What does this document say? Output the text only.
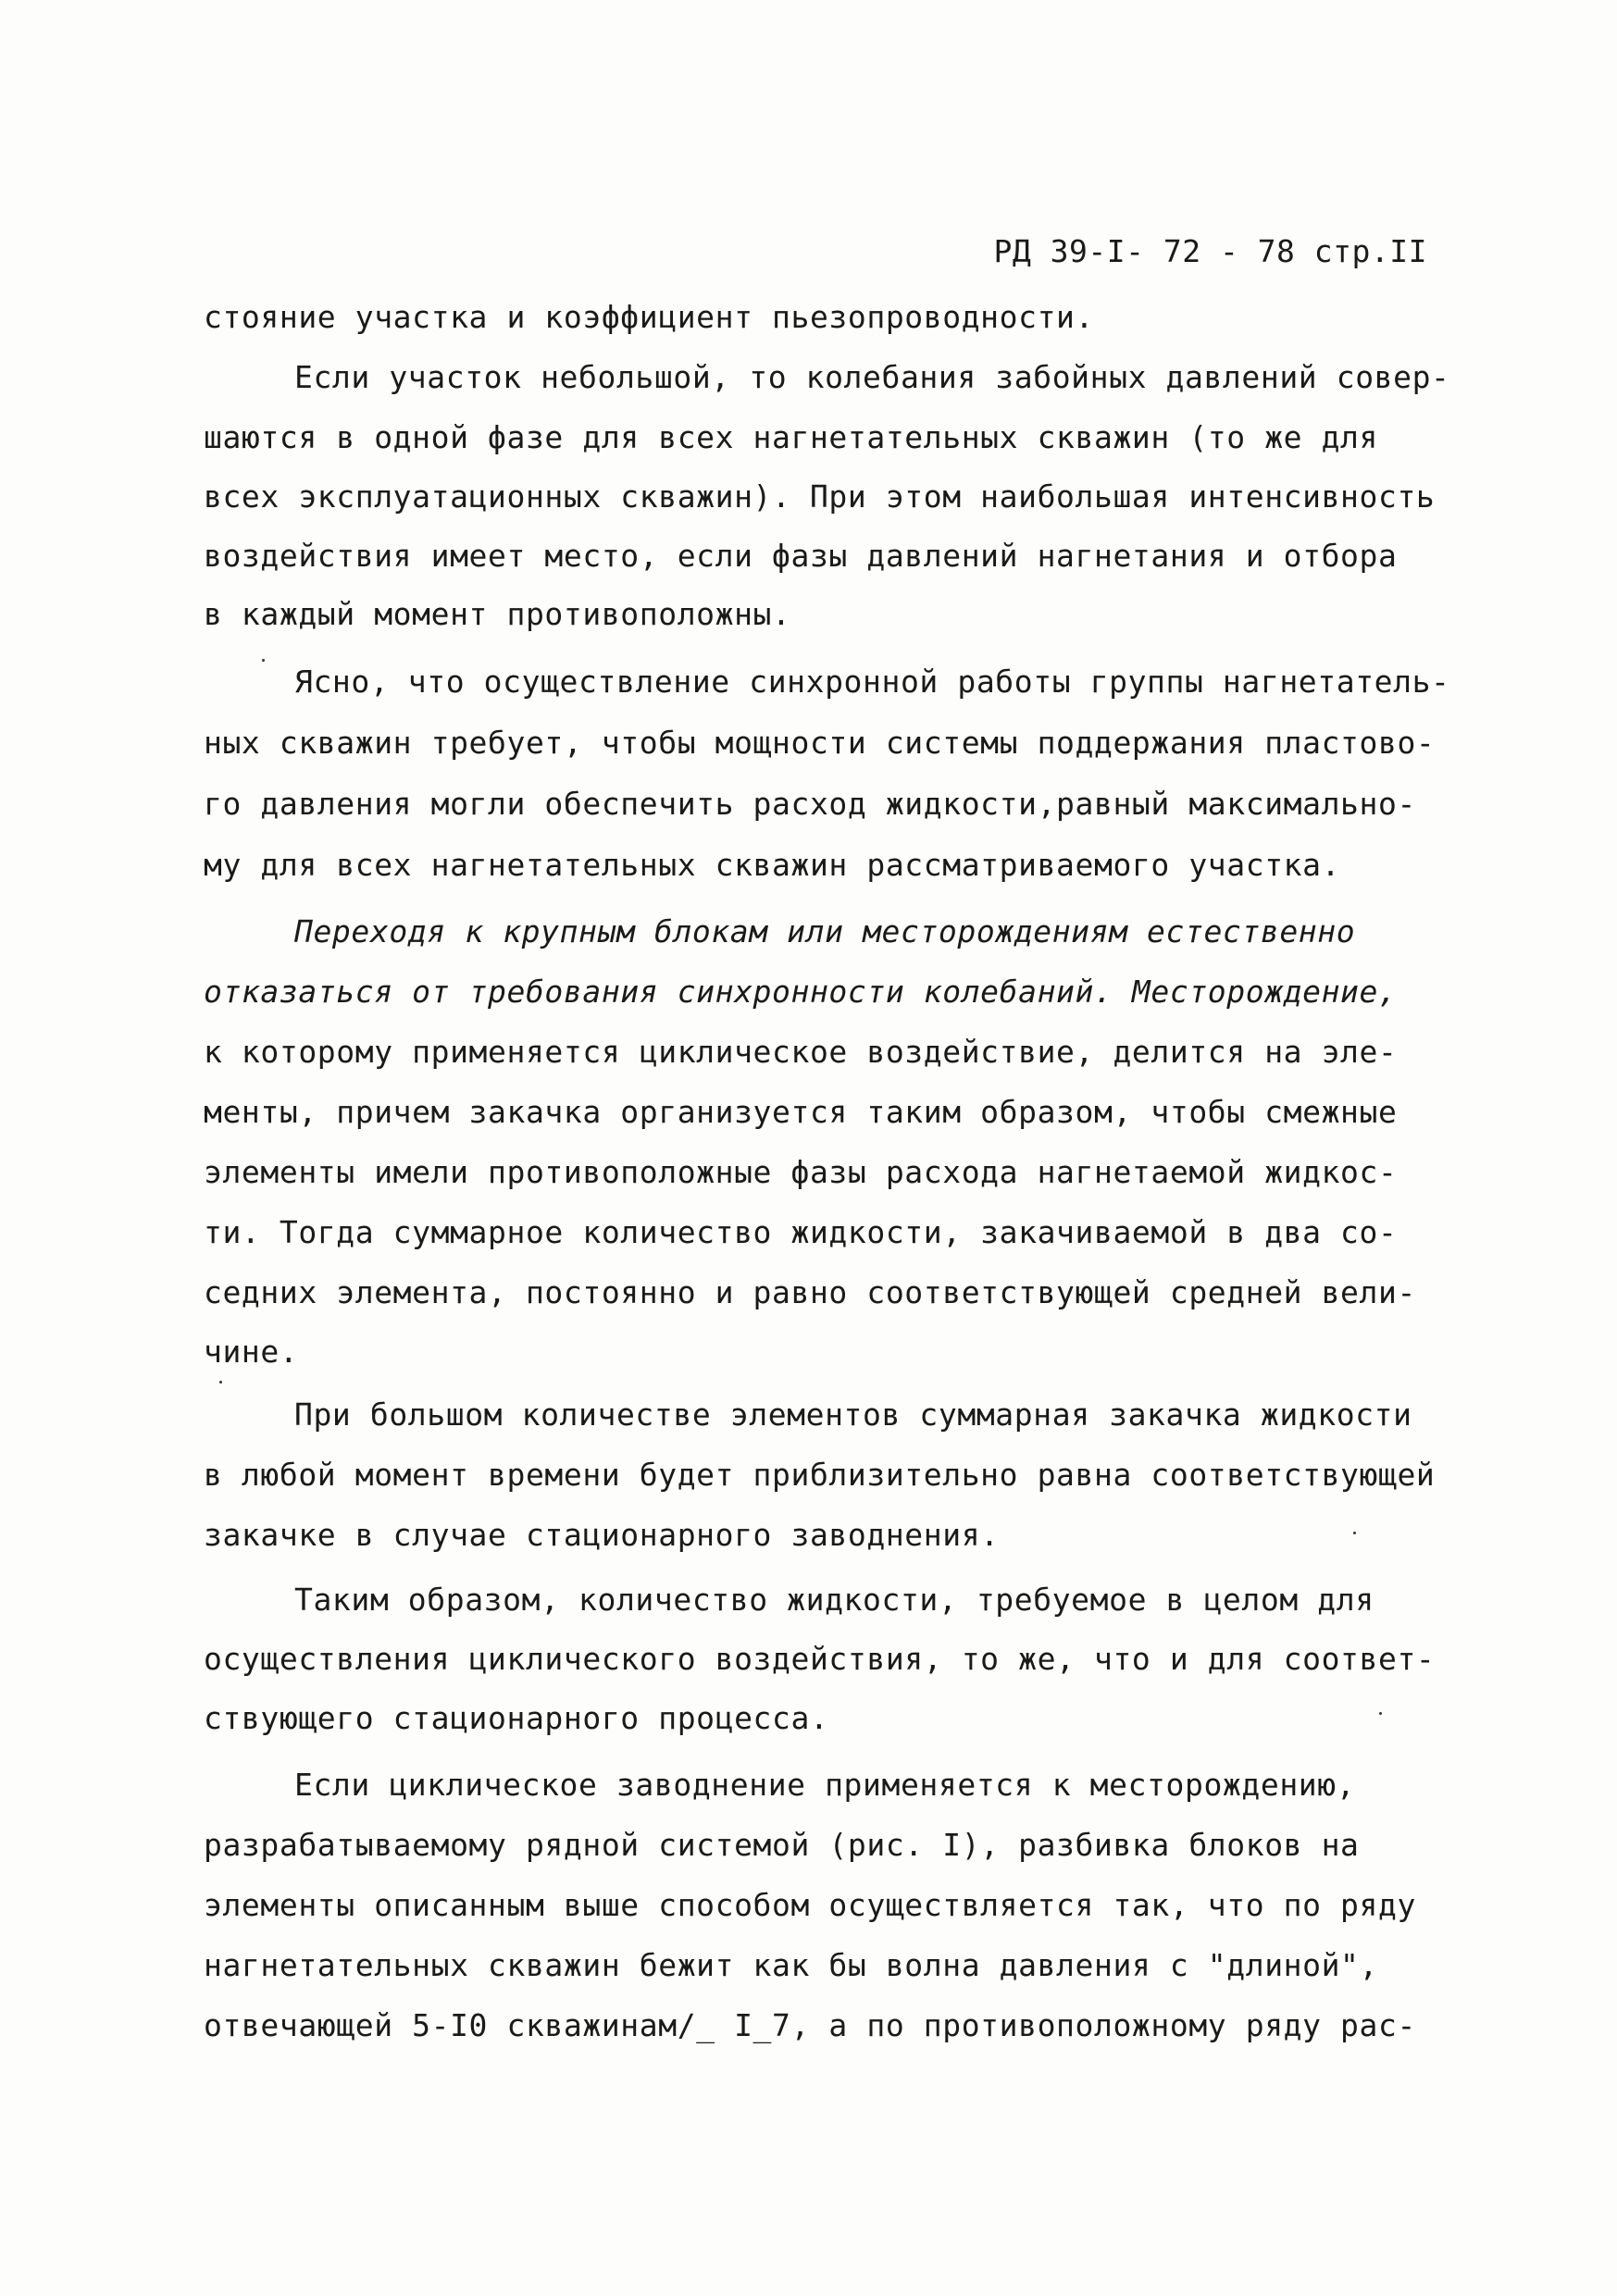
РД 39-I- 72 - 78 стр.II
стояние участка и коэффициент пьезопроводности.
Если участок небольшой, то колебания забойных давлений совер-
шаются в одной фазе для всех нагнетательных скважин (то же для
всех эксплуатационных скважин). При этом наибольшая интенсивность
воздействия имеет место, если фазы давлений нагнетания и отбора
в каждый момент противоположны.
Ясно, что осуществление синхронной работы группы нагнетатель-
ных скважин требует, чтобы мощности системы поддержания пластово-
го давления могли обеспечить расход жидкости,равный максимально-
му для всех нагнетательных скважин рассматриваемого участка.
Переходя к крупным блокам или месторождениям естественно
отказаться от требования синхронности колебаний. Месторождение,
к которому применяется циклическое воздействие, делится на эле-
менты, причем закачка организуется таким образом, чтобы смежные
элементы имели противоположные фазы расхода нагнетаемой жидкос-
ти. Тогда суммарное количество жидкости, закачиваемой в два со-
седних элемента, постоянно и равно соответствующей средней вели-
чине.
При большом количестве элементов суммарная закачка жидкости
в любой момент времени будет приблизительно равна соответствующей
закачке в случае стационарного заводнения.
Таким образом, количество жидкости, требуемое в целом для
осуществления циклического воздействия, то же, что и для соответ-
ствующего стационарного процесса.
Если циклическое заводнение применяется к месторождению,
разрабатываемому рядной системой (рис. I), разбивка блоков на
элементы описанным выше способом осуществляется так, что по ряду
нагнетательных скважин бежит как бы волна давления с "длиной",
отвечающей 5-I0 скважинам/_ I_7, а по противоположному ряду рас-
